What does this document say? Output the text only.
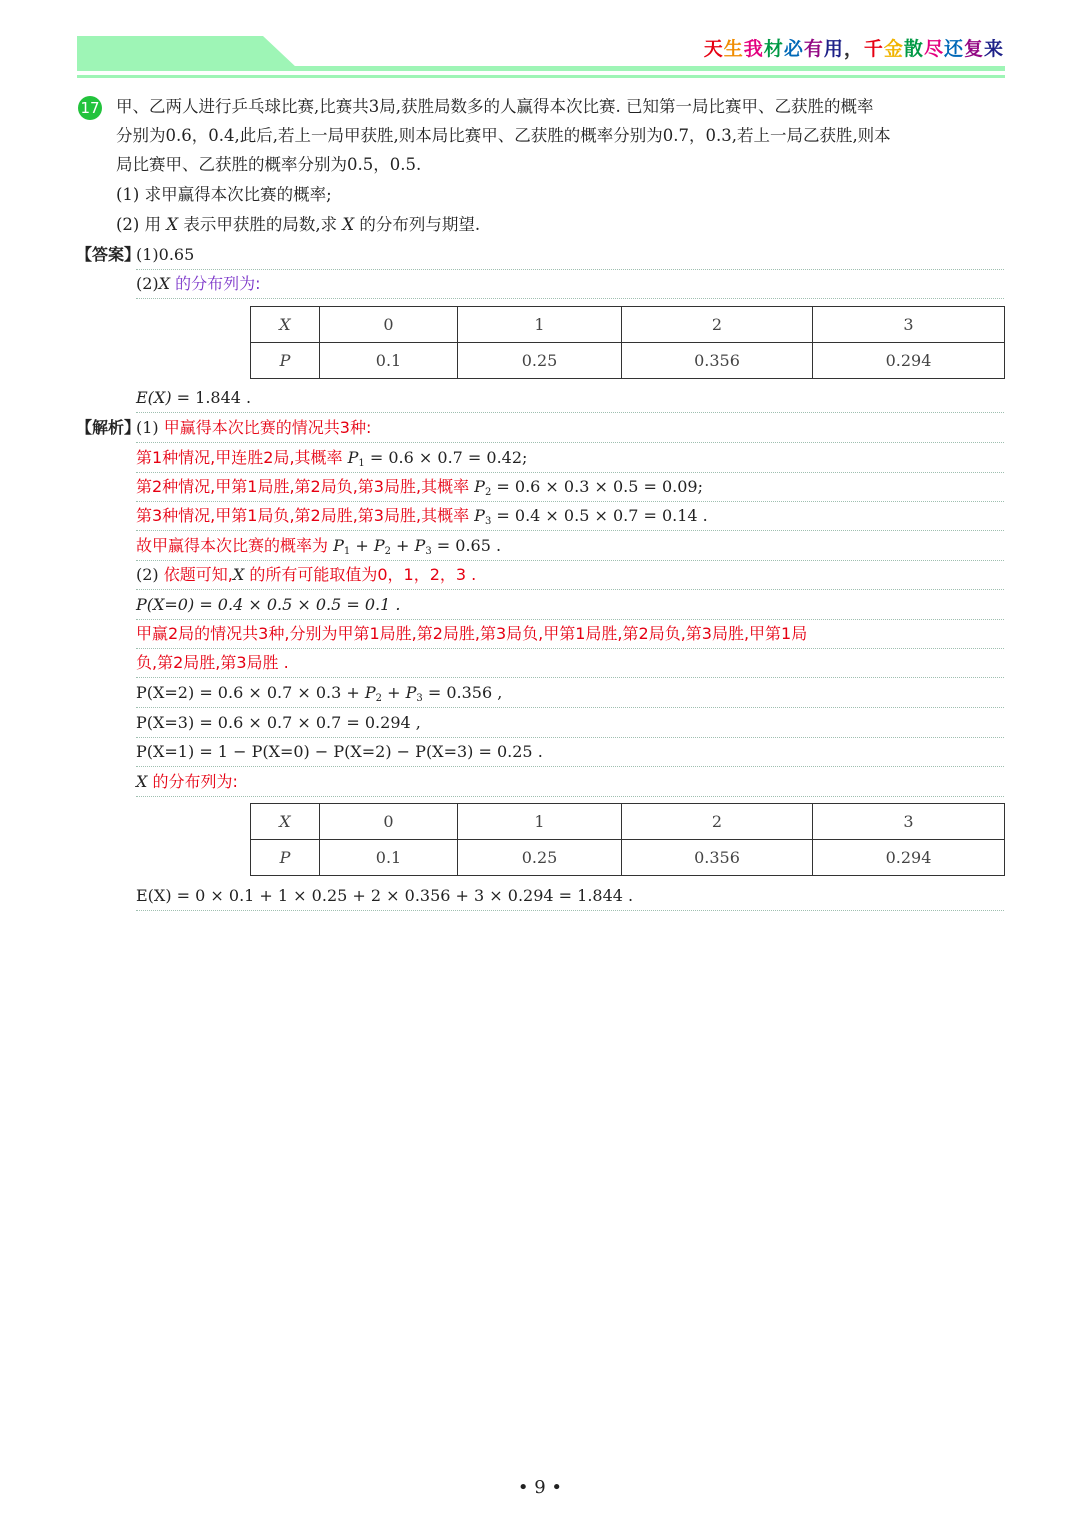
天生我材必有用，千金散尽还复来
17 甲、乙两人进行乒乓球比赛,比赛共3局,获胜局数多的人赢得本次比赛. 已知第一局比赛甲、乙获胜的概率
分别为0.6，0.4,此后,若上一局甲获胜,则本局比赛甲、乙获胜的概率分别为0.7，0.3,若上一局乙获胜,则本
局比赛甲、乙获胜的概率分别为0.5，0.5.
(1) 求甲赢得本次比赛的概率;
(2) 用 X 表示甲获胜的局数,求 X 的分布列与期望.
【答案】
(1)0.65
(2)X 的分布列为:
X	0	1	2	3
P	0.1	0.25	0.356	0.294
E(X) = 1.844 .
【解析】
(1) 甲赢得本次比赛的情况共3种:
第1种情况,甲连胜2局,其概率 $P_1 = 0.6 \times 0.7 = 0.42$;
第2种情况,甲第1局胜,第2局负,第3局胜,其概率 $P_2 = 0.6 \times 0.3 \times 0.5 = 0.09$;
第3种情况,甲第1局负,第2局胜,第3局胜,其概率 $P_3 = 0.4 \times 0.5 \times 0.7 = 0.14$ .
故甲赢得本次比赛的概率为 $P_1 + P_2 + P_3 = 0.65$ .
(2) 依题可知,X 的所有可能取值为0，1，2，3 .
P(X=0) = 0.4 × 0.5 × 0.5 = 0.1 .
甲赢2局的情况共3种,分别为甲第1局胜,第2局胜,第3局负,甲第1局胜,第2局负,第3局胜,甲第1局
负,第2局胜,第3局胜 .
$P(X=2) = 0.6 \times 0.7 \times 0.3 + P_2 + P_3 = 0.356$ ,
P(X=3) = 0.6 × 0.7 × 0.7 = 0.294 ,
P(X=1) = 1 − P(X=0) − P(X=2) − P(X=3) = 0.25 .
X 的分布列为:
X	0	1	2	3
P	0.1	0.25	0.356	0.294
E(X) = 0 × 0.1 + 1 × 0.25 + 2 × 0.356 + 3 × 0.294 = 1.844 .
• 9 •
